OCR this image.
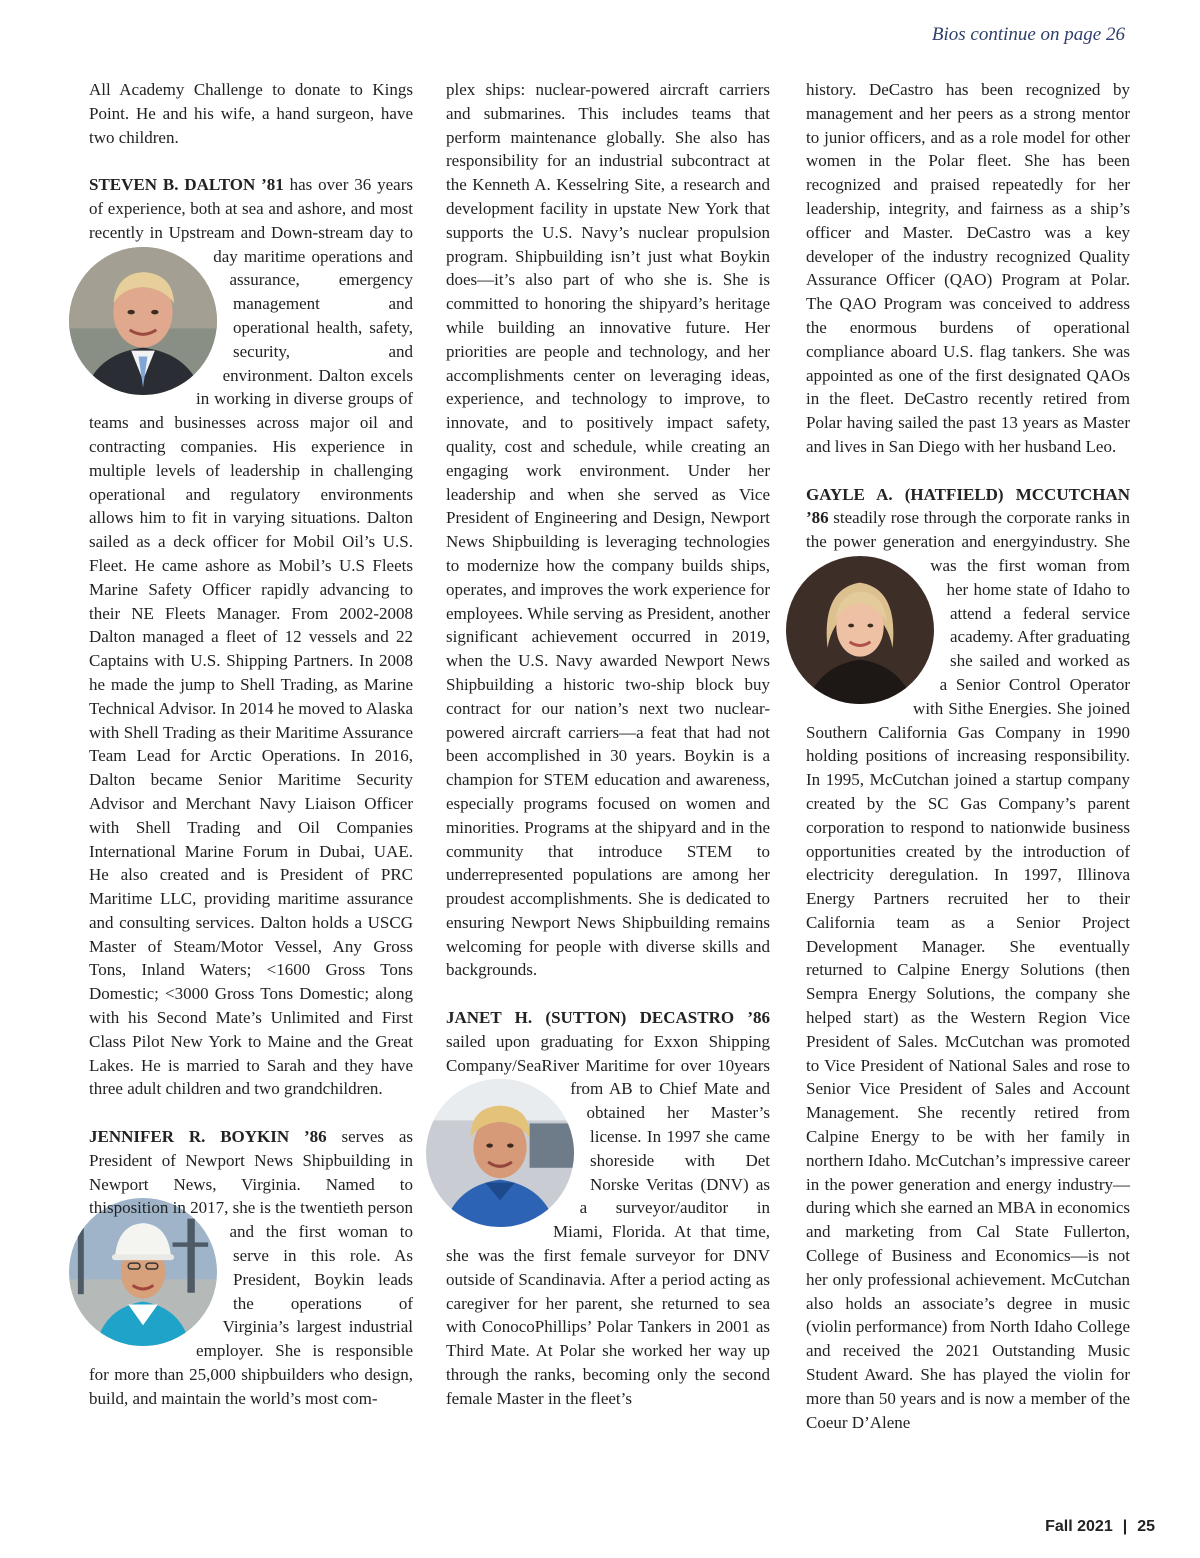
Bios continue on page 26

All Academy Challenge to donate to Kings Point. He and his wife, a hand surgeon, have two children.

STEVEN B. DALTON ’81 has over 36 years of experience, both at sea and ashore, and most recently in Upstream and Down-
stream day to day maritime operations and assurance, emergency management and operational health, safety, security, and environment. Dalton excels in working in diverse groups of teams and businesses across major oil and contracting companies. His experience in multiple levels of leadership in challenging operational and regulatory environments allows him to fit in varying situations. Dalton sailed as a deck officer for Mobil Oil’s U.S. Fleet. He came ashore as Mobil’s U.S Fleets Marine Safety Officer rapidly advancing to their NE Fleets Manager. From 2002-2008 Dalton managed a fleet of 12 vessels and 22 Captains with U.S. Shipping Partners. In 2008 he made the jump to Shell Trading, as Marine Technical Advisor. In 2014 he moved to Alaska with Shell Trading as their Maritime Assurance Team Lead for Arctic Operations. In 2016, Dalton became Senior Maritime Security Advisor and Merchant Navy Liaison Officer with Shell Trading and Oil Companies International Marine Forum in Dubai, UAE. He also created and is President of PRC Maritime LLC, providing maritime assurance and consulting services. Dalton holds a USCG Master of Steam/Motor Vessel, Any Gross Tons, Inland Waters; <1600 Gross Tons Domestic; <3000 Gross Tons Domestic; along with his Second Mate’s Unlimited and First Class Pilot New York to Maine and the Great Lakes. He is married to Sarah and they have three adult children and two grandchildren.

JENNIFER R. BOYKIN ’86 serves as President of Newport News Shipbuilding in Newport News, Virginia. Named to this
position in 2017, she is the twentieth person and the first woman to serve in this role. As President, Boykin leads the operations of Virginia’s largest industrial employer. She is responsible for more than 25,000 shipbuilders who design, build, and maintain the world’s most com-

plex ships: nuclear-powered aircraft carriers and submarines. This includes teams that perform maintenance globally. She also has responsibility for an industrial subcontract at the Kenneth A. Kesselring Site, a research and development facility in upstate New York that supports the U.S. Navy’s nuclear propulsion program. Shipbuilding isn’t just what Boykin does—it’s also part of who she is. She is committed to honoring the shipyard’s heritage while building an innovative future. Her priorities are people and technology, and her accomplishments center on leveraging ideas, experience, and technology to improve, to innovate, and to positively impact safety, quality, cost and schedule, while creating an engaging work environment. Under her leadership and when she served as Vice President of Engineering and Design, Newport News Shipbuilding is leveraging technologies to modernize how the company builds ships, operates, and improves the work experience for employees. While serving as President, another significant achievement occurred in 2019, when the U.S. Navy awarded Newport News Shipbuilding a historic two-ship block buy contract for our nation’s next two nuclear-powered aircraft carriers—a feat that had not been accomplished in 30 years. Boykin is a champion for STEM education and awareness, especially programs focused on women and minorities. Programs at the shipyard and in the community that introduce STEM to underrepresented populations are among her proudest accomplishments. She is dedicated to ensuring Newport News Shipbuilding remains welcoming for people with diverse skills and backgrounds.

JANET H. (SUTTON) DECASTRO ’86 sailed upon graduating for Exxon Shipping Company/SeaRiver Maritime for over 10
years from AB to Chief Mate and obtained her Master’s license. In 1997 she came shoreside with Det Norske Veritas (DNV) as a surveyor/auditor in Miami, Florida. At that time, she was the first female surveyor for DNV outside of Scandinavia. After a period acting as caregiver for her parent, she returned to sea with ConocoPhillips’ Polar Tankers in 2001 as Third Mate. At Polar she worked her way up through the ranks, becoming only the second female Master in the fleet’s

history. DeCastro has been recognized by management and her peers as a strong mentor to junior officers, and as a role model for other women in the Polar fleet. She has been recognized and praised repeatedly for her leadership, integrity, and fairness as a ship’s officer and Master. DeCastro was a key developer of the industry recognized Quality Assurance Officer (QAO) Program at Polar. The QAO Program was conceived to address the enormous burdens of operational compliance aboard U.S. flag tankers. She was appointed as one of the first designated QAOs in the fleet. DeCastro recently retired from Polar having sailed the past 13 years as Master and lives in San Diego with her husband Leo.

GAYLE A. (HATFIELD) MCCUTCHAN ’86 steadily rose through the corporate ranks in the power generation and energy
industry. She was the first woman from her home state of Idaho to attend a federal service academy. After graduating she sailed and worked as a Senior Control Operator with Sithe Energies. She joined Southern California Gas Company in 1990 holding positions of increasing responsibility. In 1995, McCutchan joined a startup company created by the SC Gas Company’s parent corporation to respond to nationwide business opportunities created by the introduction of electricity deregulation. In 1997, Illinova Energy Partners recruited her to their California team as a Senior Project Development Manager. She eventually returned to Calpine Energy Solutions (then Sempra Energy Solutions, the company she helped start) as the Western Region Vice President of Sales. McCutchan was promoted to Vice President of National Sales and rose to Senior Vice President of Sales and Account Management. She recently retired from Calpine Energy to be with her family in northern Idaho. McCutchan’s impressive career in the power generation and energy industry—during which she earned an MBA in economics and marketing from Cal State Fullerton, College of Business and Economics—is not her only professional achievement. McCutchan also holds an associate’s degree in music (violin performance) from North Idaho College and received the 2021 Outstanding Music Student Award. She has played the violin for more than 50 years and is now a member of the Coeur D’Alene

Fall 2021 | 25
